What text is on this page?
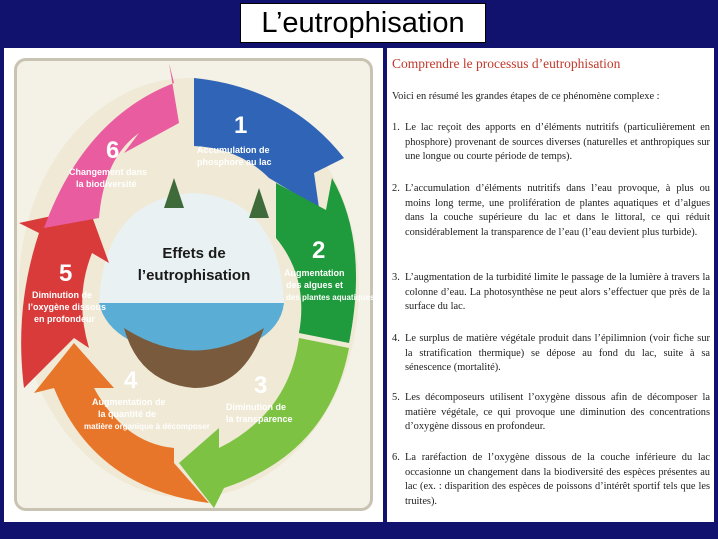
L’eutrophisation
Effets de
l’eutrophisation
1
Accumulation de
phosphore au lac
2
Augmentation
des algues et
des plantes aquatiques
3
Diminution de
la transparence
4
Augmentation de
la quantité de
matière organique à décomposer
5
Diminution de
l’oxygène dissous
en profondeur
6
Changement dans
la biodiversité
Comprendre le processus d’eutrophisation
Voici en résumé les grandes étapes de ce phénomène complexe :
1. Le lac reçoit des apports en d’éléments nutritifs (particulièrement en phosphore) provenant de sources diverses (naturelles et anthropiques sur une longue ou courte période de temps).
2. L’accumulation d’éléments nutritifs dans l’eau provoque, à plus ou moins long terme, une prolifération de plantes aquatiques et d’algues dans la couche supérieure du lac et dans le littoral, ce qui réduit considérablement la transparence de l’eau (l’eau devient plus turbide).
3. L’augmentation de la turbidité limite le passage de la lumière à travers la colonne d’eau. La photosynthèse ne peut alors s’effectuer que près de la surface du lac.
4. Le surplus de matière végétale produit dans l’épilimnion (voir fiche sur la stratification thermique) se dépose au fond du lac, suite à sa sénescence (mortalité).
5. Les décomposeurs utilisent l’oxygène dissous afin de décomposer la matière végétale, ce qui provoque une diminution des concentrations d’oxygène dissous en profondeur.
6. La raréfaction de l’oxygène dissous de la couche inférieure du lac occasionne un changement dans la biodiversité des espèces présentes au lac (ex. : disparition des espèces de poissons d’intérêt sportif tels que les truites).
